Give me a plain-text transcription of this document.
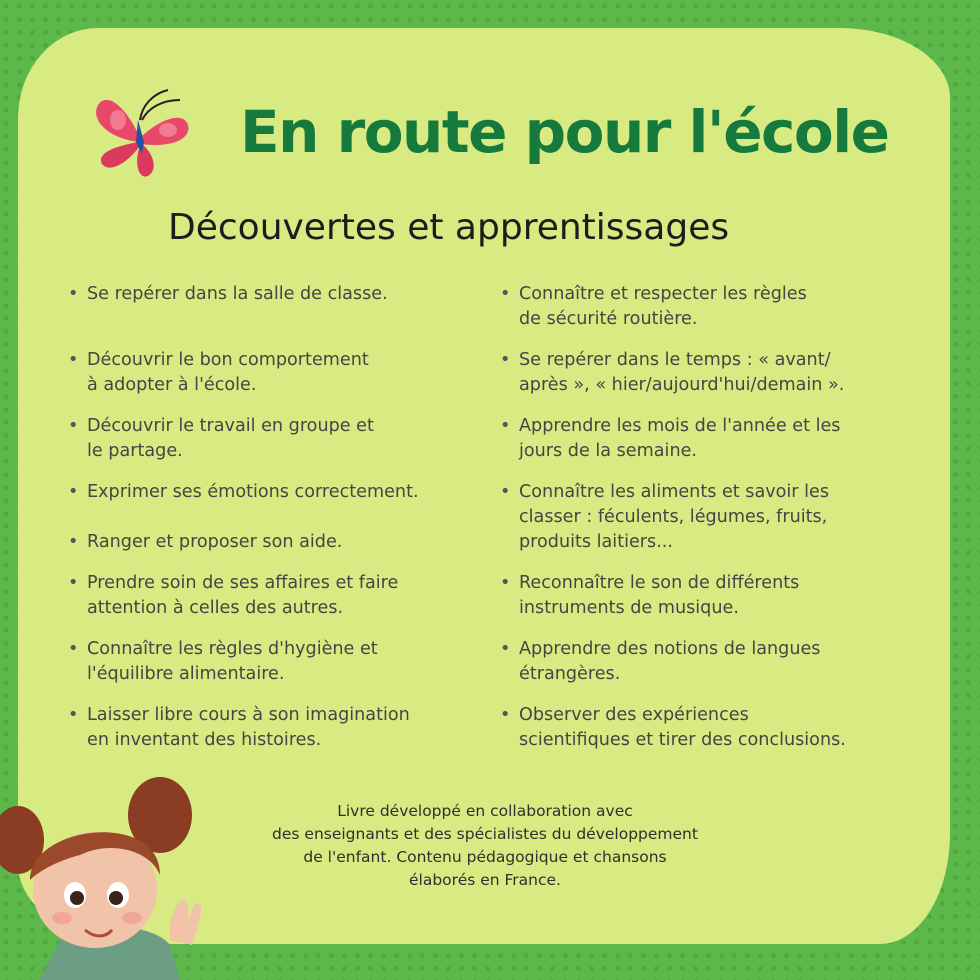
En route pour l'école
Découvertes et apprentissages
• Se repérer dans la salle de classe.
• Découvrir le bon comportement
à adopter à l'école.
• Découvrir le travail en groupe et
le partage.
• Exprimer ses émotions correctement.
• Ranger et proposer son aide.
• Prendre soin de ses affaires et faire
attention à celles des autres.
• Connaître les règles d'hygiène et
l'équilibre alimentaire.
• Laisser libre cours à son imagination
en inventant des histoires.
• Connaître et respecter les règles
de sécurité routière.
• Se repérer dans le temps : « avant/
après », « hier/aujourd'hui/demain ».
• Apprendre les mois de l'année et les
jours de la semaine.
• Connaître les aliments et savoir les
classer : féculents, légumes, fruits,
produits laitiers...
• Reconnaître le son de différents
instruments de musique.
• Apprendre des notions de langues
étrangères.
• Observer des expériences
scientifiques et tirer des conclusions.
Livre développé en collaboration avec
des enseignants et des spécialistes du développement
de l'enfant. Contenu pédagogique et chansons
élaborés en France.
